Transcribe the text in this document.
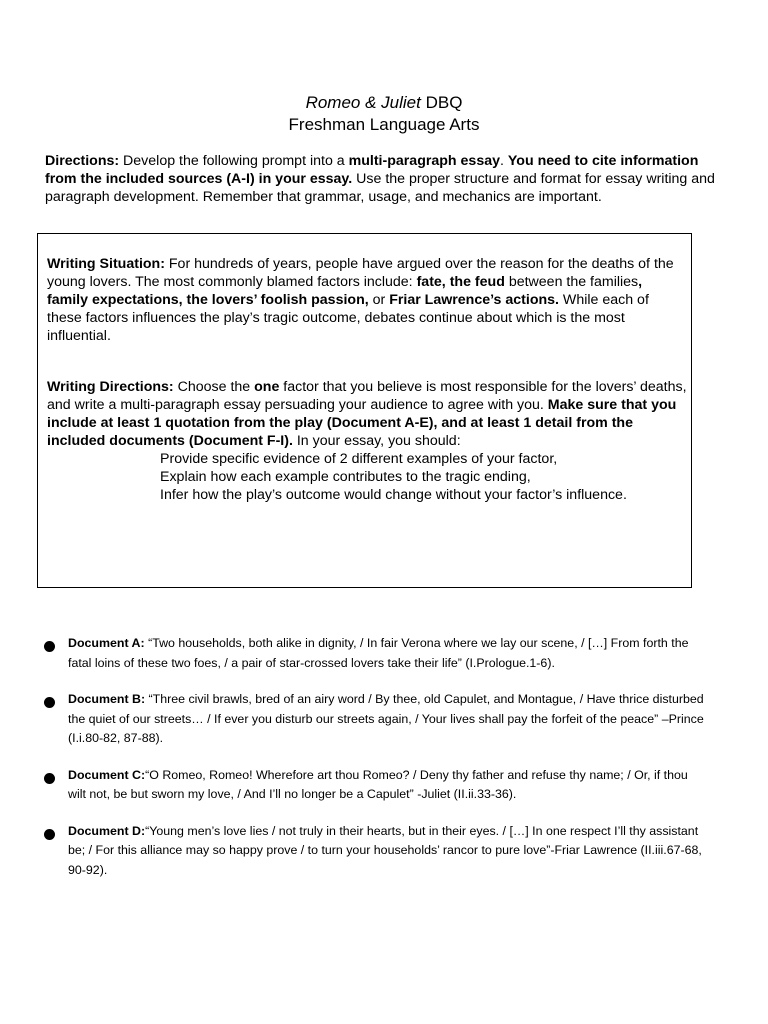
Romeo & Juliet DBQ
Freshman Language Arts
Directions: Develop the following prompt into a multi-paragraph essay. You need to cite information from the included sources (A-I) in your essay. Use the proper structure and format for essay writing and paragraph development. Remember that grammar, usage, and mechanics are important.

Writing Situation: For hundreds of years, people have argued over the reason for the deaths of the young lovers. The most commonly blamed factors include: fate, the feud between the families, family expectations, the lovers’ foolish passion, or Friar Lawrence’s actions. While each of these factors influences the play’s tragic outcome, debates continue about which is the most influential.

Writing Directions: Choose the one factor that you believe is most responsible for the lovers’ deaths, and write a multi-paragraph essay persuading your audience to agree with you. Make sure that you include at least 1 quotation from the play (Document A-E), and at least 1 detail from the included documents (Document F-I). In your essay, you should:

Provide specific evidence of 2 different examples of your factor,
Explain how each example contributes to the tragic ending,
Infer how the play’s outcome would change without your factor’s influence.
Document A: “Two households, both alike in dignity, / In fair Verona where we lay our scene, / […] From forth the fatal loins of these two foes, / a pair of star-crossed lovers take their life” (I.Prologue.1-6).
Document B: “Three civil brawls, bred of an airy word / By thee, old Capulet, and Montague, / Have thrice disturbed the quiet of our streets… / If ever you disturb our streets again, / Your lives shall pay the forfeit of the peace” –Prince (I.i.80-82, 87-88).
Document C:“O Romeo, Romeo! Wherefore art thou Romeo? / Deny thy father and refuse thy name; / Or, if thou wilt not, be but sworn my love, / And I’ll no longer be a Capulet” -Juliet (II.ii.33-36).
Document D:“Young men’s love lies / not truly in their hearts, but in their eyes. / […] In one respect I’ll thy assistant be; / For this alliance may so happy prove / to turn your households’ rancor to pure love”-Friar Lawrence (II.iii.67-68, 90-92).
